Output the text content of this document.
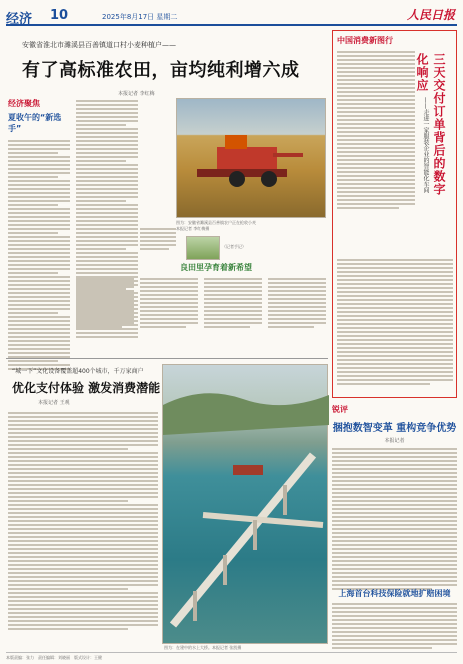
经济 10	2025年8月17日 星期二	人民日报
安徽省淮北市濉溪县百善镇道口村小麦种植户——
有了高标准农田，亩均纯利增六成
本报记者 李红梅
经济聚焦
夏收午的“新选手”
图为：安徽省濉溪县百善镇农户正在抢收小麦
本报记者 李红梅摄
良田里孕育着新希望
（记者手记）
中国消费新图行
三天交付订单背后的数字化响应
——走进一家服装企业的智能化车间
“城一下”文化设备覆盖超400个城市，千万家商户
优化支付体验 激发消费潜能
本报记者 王观
图为：在建中的水上大桥。本报记者 张凯摄
锐评
捆抱数智变革 重构竞争优势
本报记者
上海首台科技保险就地扩赔困境
本版责编：张力　责任编辑：刘晓丽　版式设计：王健
